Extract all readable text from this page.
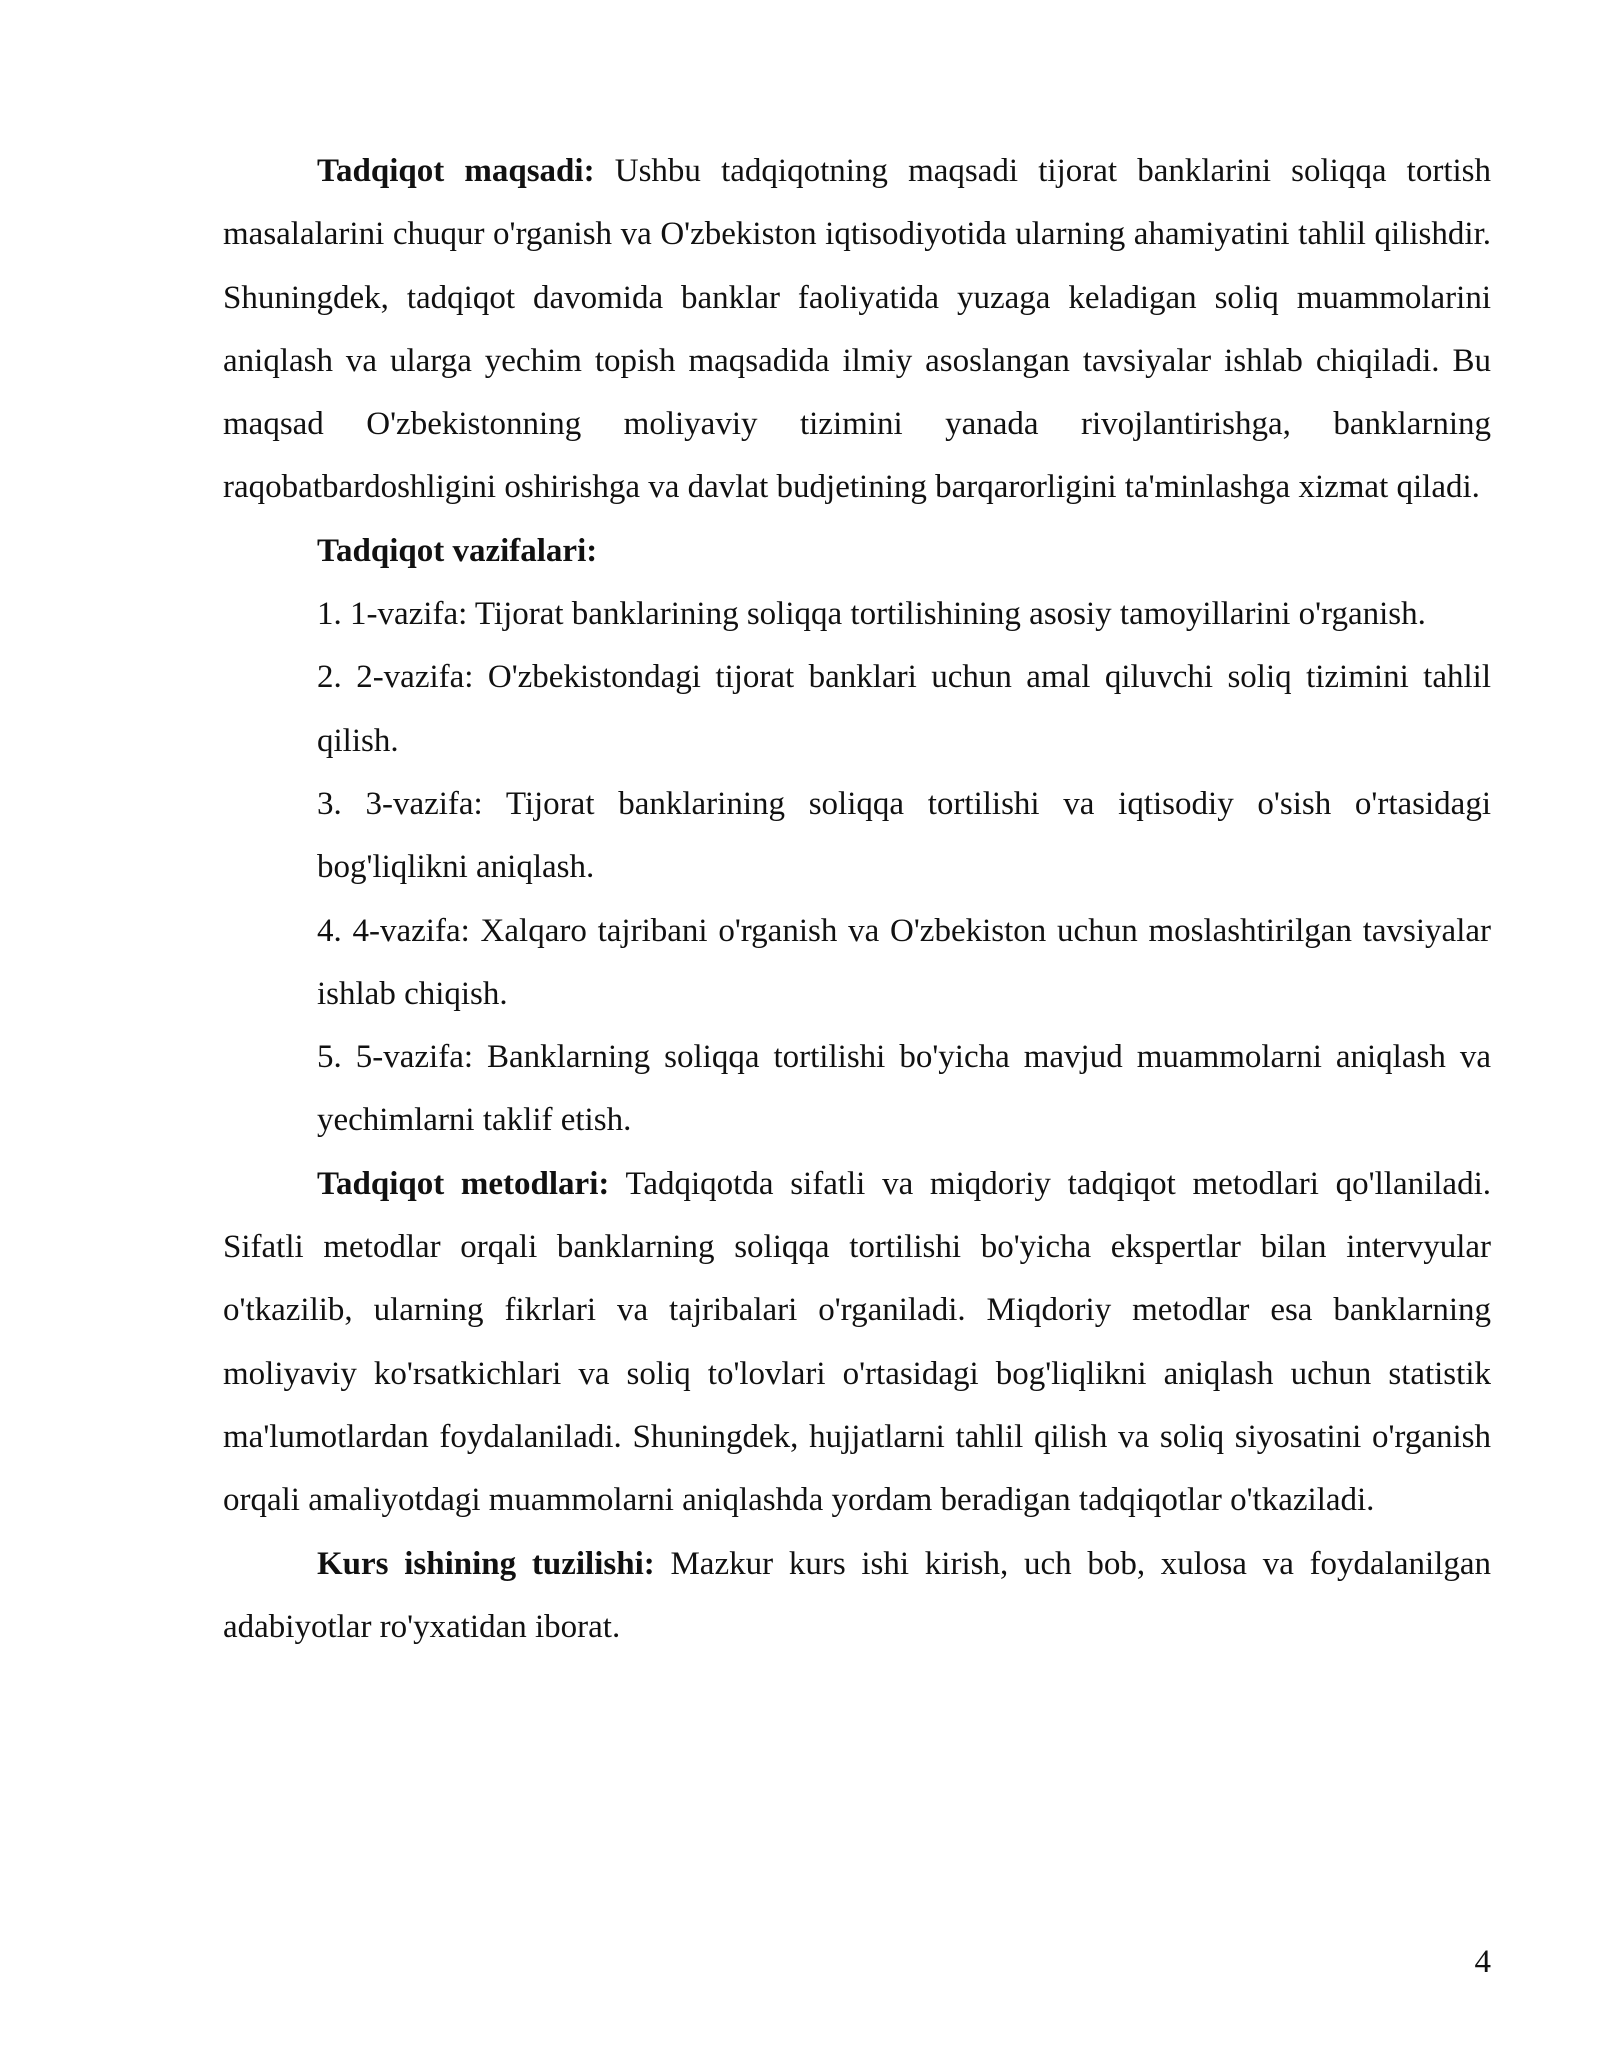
Tadqiqot maqsadi: Ushbu tadqiqotning maqsadi tijorat banklarini soliqqa tortish masalalarini chuqur o'rganish va O'zbekiston iqtisodiyotida ularning ahamiyatini tahlil qilishdir. Shuningdek, tadqiqot davomida banklar faoliyatida yuzaga keladigan soliq muammolarini aniqlash va ularga yechim topish maqsadida ilmiy asoslangan tavsiyalar ishlab chiqiladi. Bu maqsad O'zbekistonning moliyaviy tizimini yanada rivojlantirishga, banklarning raqobatbardoshligini oshirishga va davlat budjetining barqarorligini ta'minlashga xizmat qiladi.

Tadqiqot vazifalari:

1. 1-vazifa: Tijorat banklarining soliqqa tortilishining asosiy tamoyillarini o'rganish.

2. 2-vazifa: O'zbekistondagi tijorat banklari uchun amal qiluvchi soliq tizimini tahlil qilish.

3. 3-vazifa: Tijorat banklarining soliqqa tortilishi va iqtisodiy o'sish o'rtasidagi bog'liqlikni aniqlash.

4. 4-vazifa: Xalqaro tajribani o'rganish va O'zbekiston uchun moslashtirilgan tavsiyalar ishlab chiqish.

5. 5-vazifa: Banklarning soliqqa tortilishi bo'yicha mavjud muammolarni aniqlash va yechimlarni taklif etish.

Tadqiqot metodlari: Tadqiqotda sifatli va miqdoriy tadqiqot metodlari qo'llaniladi. Sifatli metodlar orqali banklarning soliqqa tortilishi bo'yicha ekspertlar bilan intervyular o'tkazilib, ularning fikrlari va tajribalari o'rganiladi. Miqdoriy metodlar esa banklarning moliyaviy ko'rsatkichlari va soliq to'lovlari o'rtasidagi bog'liqlikni aniqlash uchun statistik ma'lumotlardan foydalaniladi. Shuningdek, hujjatlarni tahlil qilish va soliq siyosatini o'rganish orqali amaliyotdagi muammolarni aniqlashda yordam beradigan tadqiqotlar o'tkaziladi.

Kurs ishining tuzilishi: Mazkur kurs ishi kirish, uch bob, xulosa va foydalanilgan adabiyotlar ro'yxatidan iborat.

4
